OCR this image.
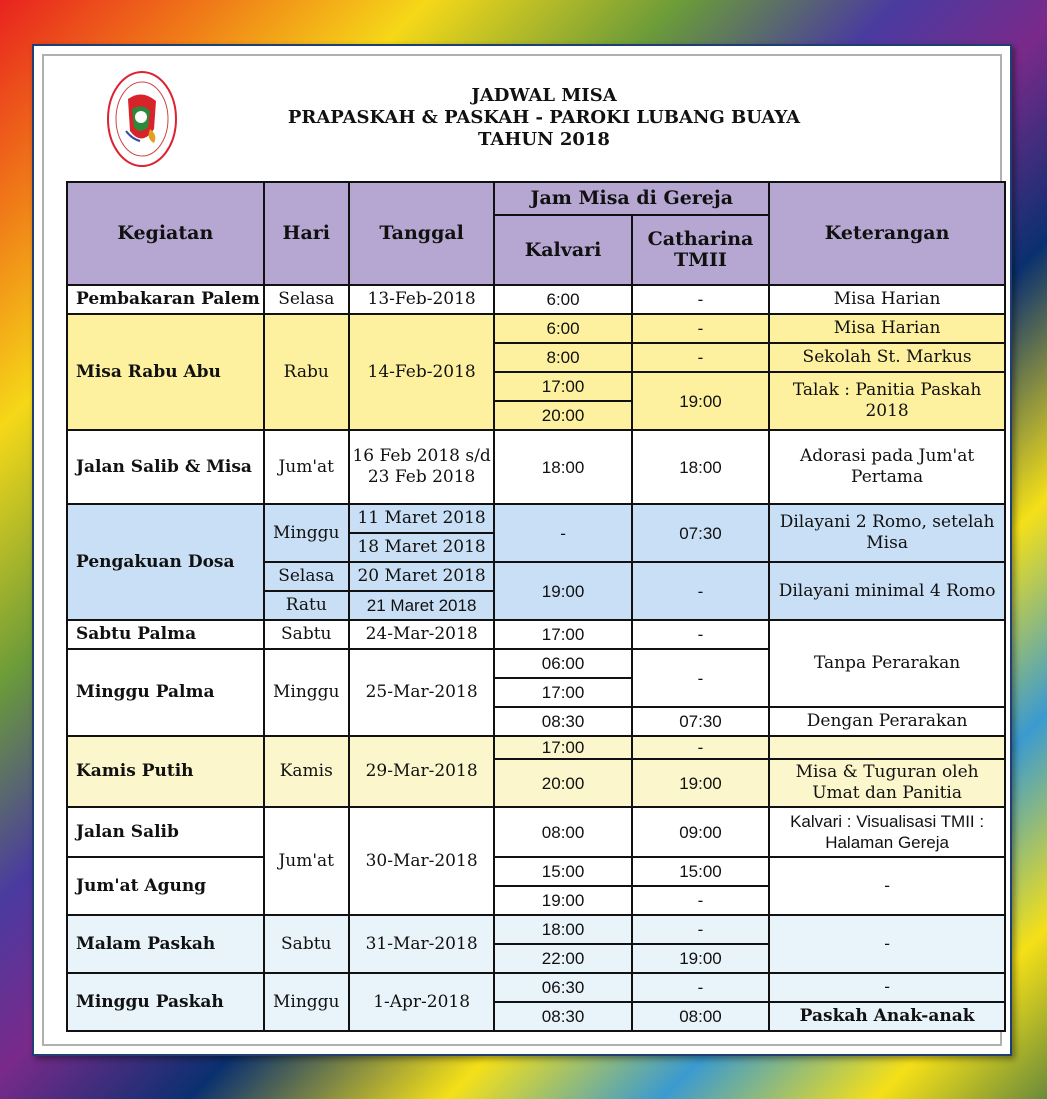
JADWAL MISA
PRAPASKAH & PASKAH - PAROKI LUBANG BUAYA
TAHUN 2018
Kegiatan	Hari	Tanggal	Jam Misa di Gereja		Keterangan
			Kalvari	Catharina TMII	
Pembakaran Palem	Selasa	13-Feb-2018	6:00	-	Misa Harian
Misa Rabu Abu	Rabu	14-Feb-2018	6:00	-	Misa Harian
			8:00	-	Sekolah St. Markus
			17:00	19:00	Talak : Panitia Paskah 2018
			20:00		
Jalan Salib & Misa	Jum'at	16 Feb 2018 s/d 23 Feb 2018	18:00	18:00	Adorasi pada Jum'at Pertama
Pengakuan Dosa	Minggu	11 Maret 2018	-	07:30	Dilayani 2 Romo, setelah Misa
		18 Maret 2018			
	Selasa	20 Maret 2018	19:00	-	Dilayani minimal 4 Romo
	Ratu	21 Maret 2018			
Sabtu Palma	Sabtu	24-Mar-2018	17:00	-	Tanpa Perarakan
Minggu Palma	Minggu	25-Mar-2018	06:00	-	
			17:00		
			08:30	07:30	Dengan Perarakan
Kamis Putih	Kamis	29-Mar-2018	17:00	-	
			20:00	19:00	Misa & Tuguran oleh Umat dan Panitia
Jalan Salib	Jum'at	30-Mar-2018	08:00	09:00	Kalvari : Visualisasi TMII : Halaman Gereja
Jum'at Agung			15:00	15:00	-
			19:00	-	
Malam Paskah	Sabtu	31-Mar-2018	18:00	-	-
			22:00	19:00	
Minggu Paskah	Minggu	1-Apr-2018	06:30	-	-
			08:30	08:00	Paskah Anak-anak
